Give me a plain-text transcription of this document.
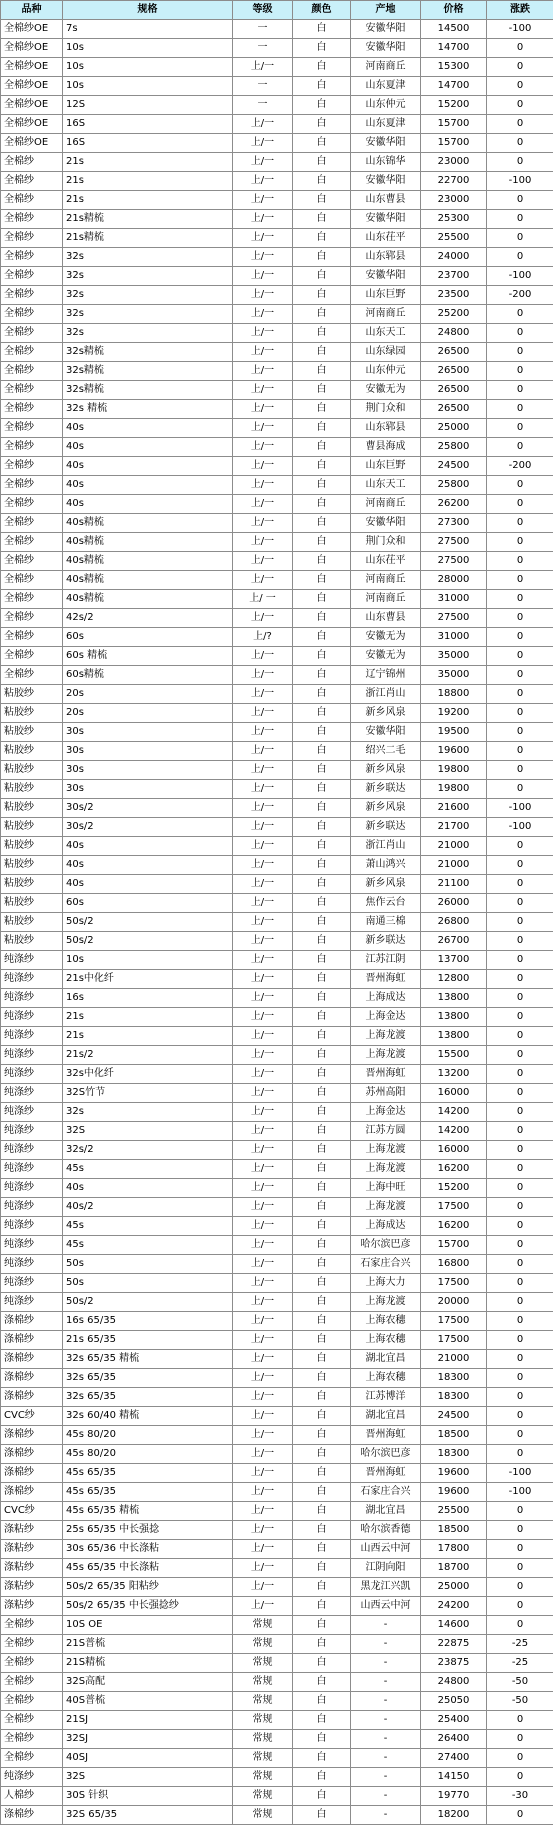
品种	规格	等级	颜色	产地	价格	涨跌
全棉纱OE	7s	一	白	安徽华阳	14500	-100
全棉纱OE	10s	一	白	安徽华阳	14700	0
全棉纱OE	10s	上/一	白	河南商丘	15300	0
全棉纱OE	10s	一	白	山东夏津	14700	0
全棉纱OE	12S	一	白	山东仲元	15200	0
全棉纱OE	16S	上/一	白	山东夏津	15700	0
全棉纱OE	16S	上/一	白	安徽华阳	15700	0
全棉纱	21s	上/一	白	山东锦华	23000	0
全棉纱	21s	上/一	白	安徽华阳	22700	-100
全棉纱	21s	上/一	白	山东曹县	23000	0
全棉纱	21s精梳	上/一	白	安徽华阳	25300	0
全棉纱	21s精梳	上/一	白	山东茌平	25500	0
全棉纱	32s	上/一	白	山东郓县	24000	0
全棉纱	32s	上/一	白	安徽华阳	23700	-100
全棉纱	32s	上/一	白	山东巨野	23500	-200
全棉纱	32s	上/一	白	河南商丘	25200	0
全棉纱	32s	上/一	白	山东天工	24800	0
全棉纱	32s精梳	上/一	白	山东绿园	26500	0
全棉纱	32s精梳	上/一	白	山东仲元	26500	0
全棉纱	32s精梳	上/一	白	安徽无为	26500	0
全棉纱	32s 精梳	上/一	白	荆门众和	26500	0
全棉纱	40s	上/一	白	山东郓县	25000	0
全棉纱	40s	上/一	白	曹县海成	25800	0
全棉纱	40s	上/一	白	山东巨野	24500	-200
全棉纱	40s	上/一	白	山东天工	25800	0
全棉纱	40s	上/一	白	河南商丘	26200	0
全棉纱	40s精梳	上/一	白	安徽华阳	27300	0
全棉纱	40s精梳	上/一	白	荆门众和	27500	0
全棉纱	40s精梳	上/一	白	山东茌平	27500	0
全棉纱	40s精梳	上/一	白	河南商丘	28000	0
全棉纱	40s精梳	上/ 一	白	河南商丘	31000	0
全棉纱	42s/2	上/一	白	山东曹县	27500	0
全棉纱	60s	上/?	白	安徽无为	31000	0
全棉纱	60s 精梳	上/一	白	安徽无为	35000	0
全棉纱	60s精梳	上/一	白	辽宁锦州	35000	0
粘胶纱	20s	上/一	白	浙江肖山	18800	0
粘胶纱	20s	上/一	白	新乡风泉	19200	0
粘胶纱	30s	上/一	白	安徽华阳	19500	0
粘胶纱	30s	上/一	白	绍兴二毛	19600	0
粘胶纱	30s	上/一	白	新乡风泉	19800	0
粘胶纱	30s	上/一	白	新乡联达	19800	0
粘胶纱	30s/2	上/一	白	新乡风泉	21600	-100
粘胶纱	30s/2	上/一	白	新乡联达	21700	-100
粘胶纱	40s	上/一	白	浙江肖山	21000	0
粘胶纱	40s	上/一	白	萧山鸿兴	21000	0
粘胶纱	40s	上/一	白	新乡风泉	21100	0
粘胶纱	60s	上/一	白	焦作云台	26000	0
粘胶纱	50s/2	上/一	白	南通三棉	26800	0
粘胶纱	50s/2	上/一	白	新乡联达	26700	0
纯涤纱	10s	上/一	白	江苏江阴	13700	0
纯涤纱	21s中化纤	上/一	白	晋州海虹	12800	0
纯涤纱	16s	上/一	白	上海成达	13800	0
纯涤纱	21s	上/一	白	上海金达	13800	0
纯涤纱	21s	上/一	白	上海龙渡	13800	0
纯涤纱	21s/2	上/一	白	上海龙渡	15500	0
纯涤纱	32s中化纤	上/一	白	晋州海虹	13200	0
纯涤纱	32S竹节	上/一	白	苏州高阳	16000	0
纯涤纱	32s	上/一	白	上海金达	14200	0
纯涤纱	32S	上/一	白	江苏方圆	14200	0
纯涤纱	32s/2	上/一	白	上海龙渡	16000	0
纯涤纱	45s	上/一	白	上海龙渡	16200	0
纯涤纱	40s	上/一	白	上海中旺	15200	0
纯涤纱	40s/2	上/一	白	上海龙渡	17500	0
纯涤纱	45s	上/一	白	上海成达	16200	0
纯涤纱	45s	上/一	白	哈尔滨巴彦	15700	0
纯涤纱	50s	上/一	白	石家庄合兴	16800	0
纯涤纱	50s	上/一	白	上海大力	17500	0
纯涤纱	50s/2	上/一	白	上海龙渡	20000	0
涤棉纱	16s 65/35	上/一	白	上海农穗	17500	0
涤棉纱	21s 65/35	上/一	白	上海农穗	17500	0
涤棉纱	32s 65/35 精梳	上/一	白	湖北宜昌	21000	0
涤棉纱	32s 65/35	上/一	白	上海农穗	18300	0
涤棉纱	32s 65/35	上/一	白	江苏博洋	18300	0
CVC纱	32s 60/40 精梳	上/一	白	湖北宜昌	24500	0
涤棉纱	45s 80/20	上/一	白	晋州海虹	18500	0
涤棉纱	45s 80/20	上/一	白	哈尔滨巴彦	18300	0
涤棉纱	45s 65/35	上/一	白	晋州海虹	19600	-100
涤棉纱	45s 65/35	上/一	白	石家庄合兴	19600	-100
CVC纱	45s 65/35 精梳	上/一	白	湖北宜昌	25500	0
涤粘纱	25s 65/35 中长强捻	上/一	白	哈尔滨香德	18500	0
涤粘纱	30s 65/36 中长涤粘	上/一	白	山西云中河	17800	0
涤粘纱	45s 65/35 中长涤粘	上/一	白	江阴向阳	18700	0
涤粘纱	50s/2 65/35 阳粘纱	上/一	白	黑龙江兴凯	25000	0
涤粘纱	50s/2 65/35 中长强捻纱	上/一	白	山西云中河	24200	0
全棉纱	10S OE	常规	白	-	14600	0
全棉纱	21S普梳	常规	白	-	22875	-25
全棉纱	21S精梳	常规	白	-	23875	-25
全棉纱	32S高配	常规	白	-	24800	-50
全棉纱	40S普梳	常规	白	-	25050	-50
全棉纱	21SJ	常规	白	-	25400	0
全棉纱	32SJ	常规	白	-	26400	0
全棉纱	40SJ	常规	白	-	27400	0
纯涤纱	32S	常规	白	-	14150	0
人棉纱	30S 针织	常规	白	-	19770	-30
涤棉纱	32S 65/35	常规	白	-	18200	0
